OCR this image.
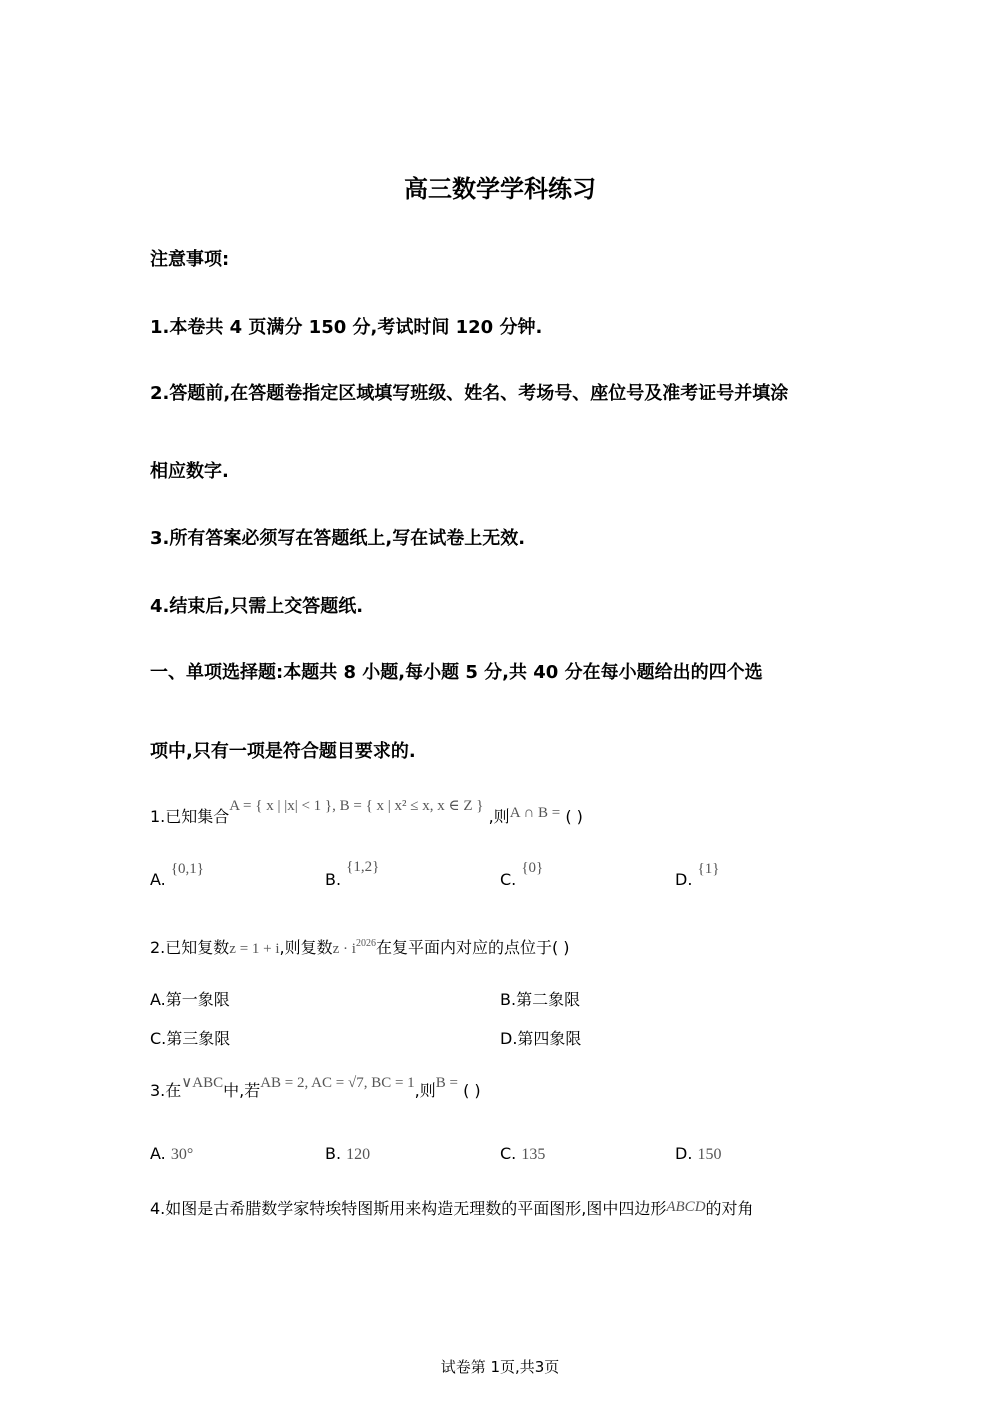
高三数学学科练习
注意事项:
1.本卷共 4 页满分 150 分,考试时间 120 分钟.
2.答题前,在答题卷指定区域填写班级、姓名、考场号、座位号及准考证号并填涂
相应数字.
3.所有答案必须写在答题纸上,写在试卷上无效.
4.结束后,只需上交答题纸.
一、单项选择题:本题共 8 小题,每小题 5 分,共 40 分在每小题给出的四个选
项中,只有一项是符合题目要求的.
1.已知集合A = { x | |x| < 1 }, B = { x | x² ≤ x, x ∈ Z } ,则A ∩ B = ( )
A. {0,1}
B. {1,2}
C. {0}
D. {1}
2.已知复数z = 1 + i,则复数$z \cdot i^{2026}$在复平面内对应的点位于( )
A.第一象限	B.第二象限
C.第三象限	D.第四象限
3.在∨ABC中,若AB = 2, AC = √7, BC = 1,则B = ( )
A. 30°	B. 120	C. 135	D. 150
4.如图是古希腊数学家特埃特图斯用来构造无理数的平面图形,图中四边形ABCD的对角
试卷第 1页,共3页
